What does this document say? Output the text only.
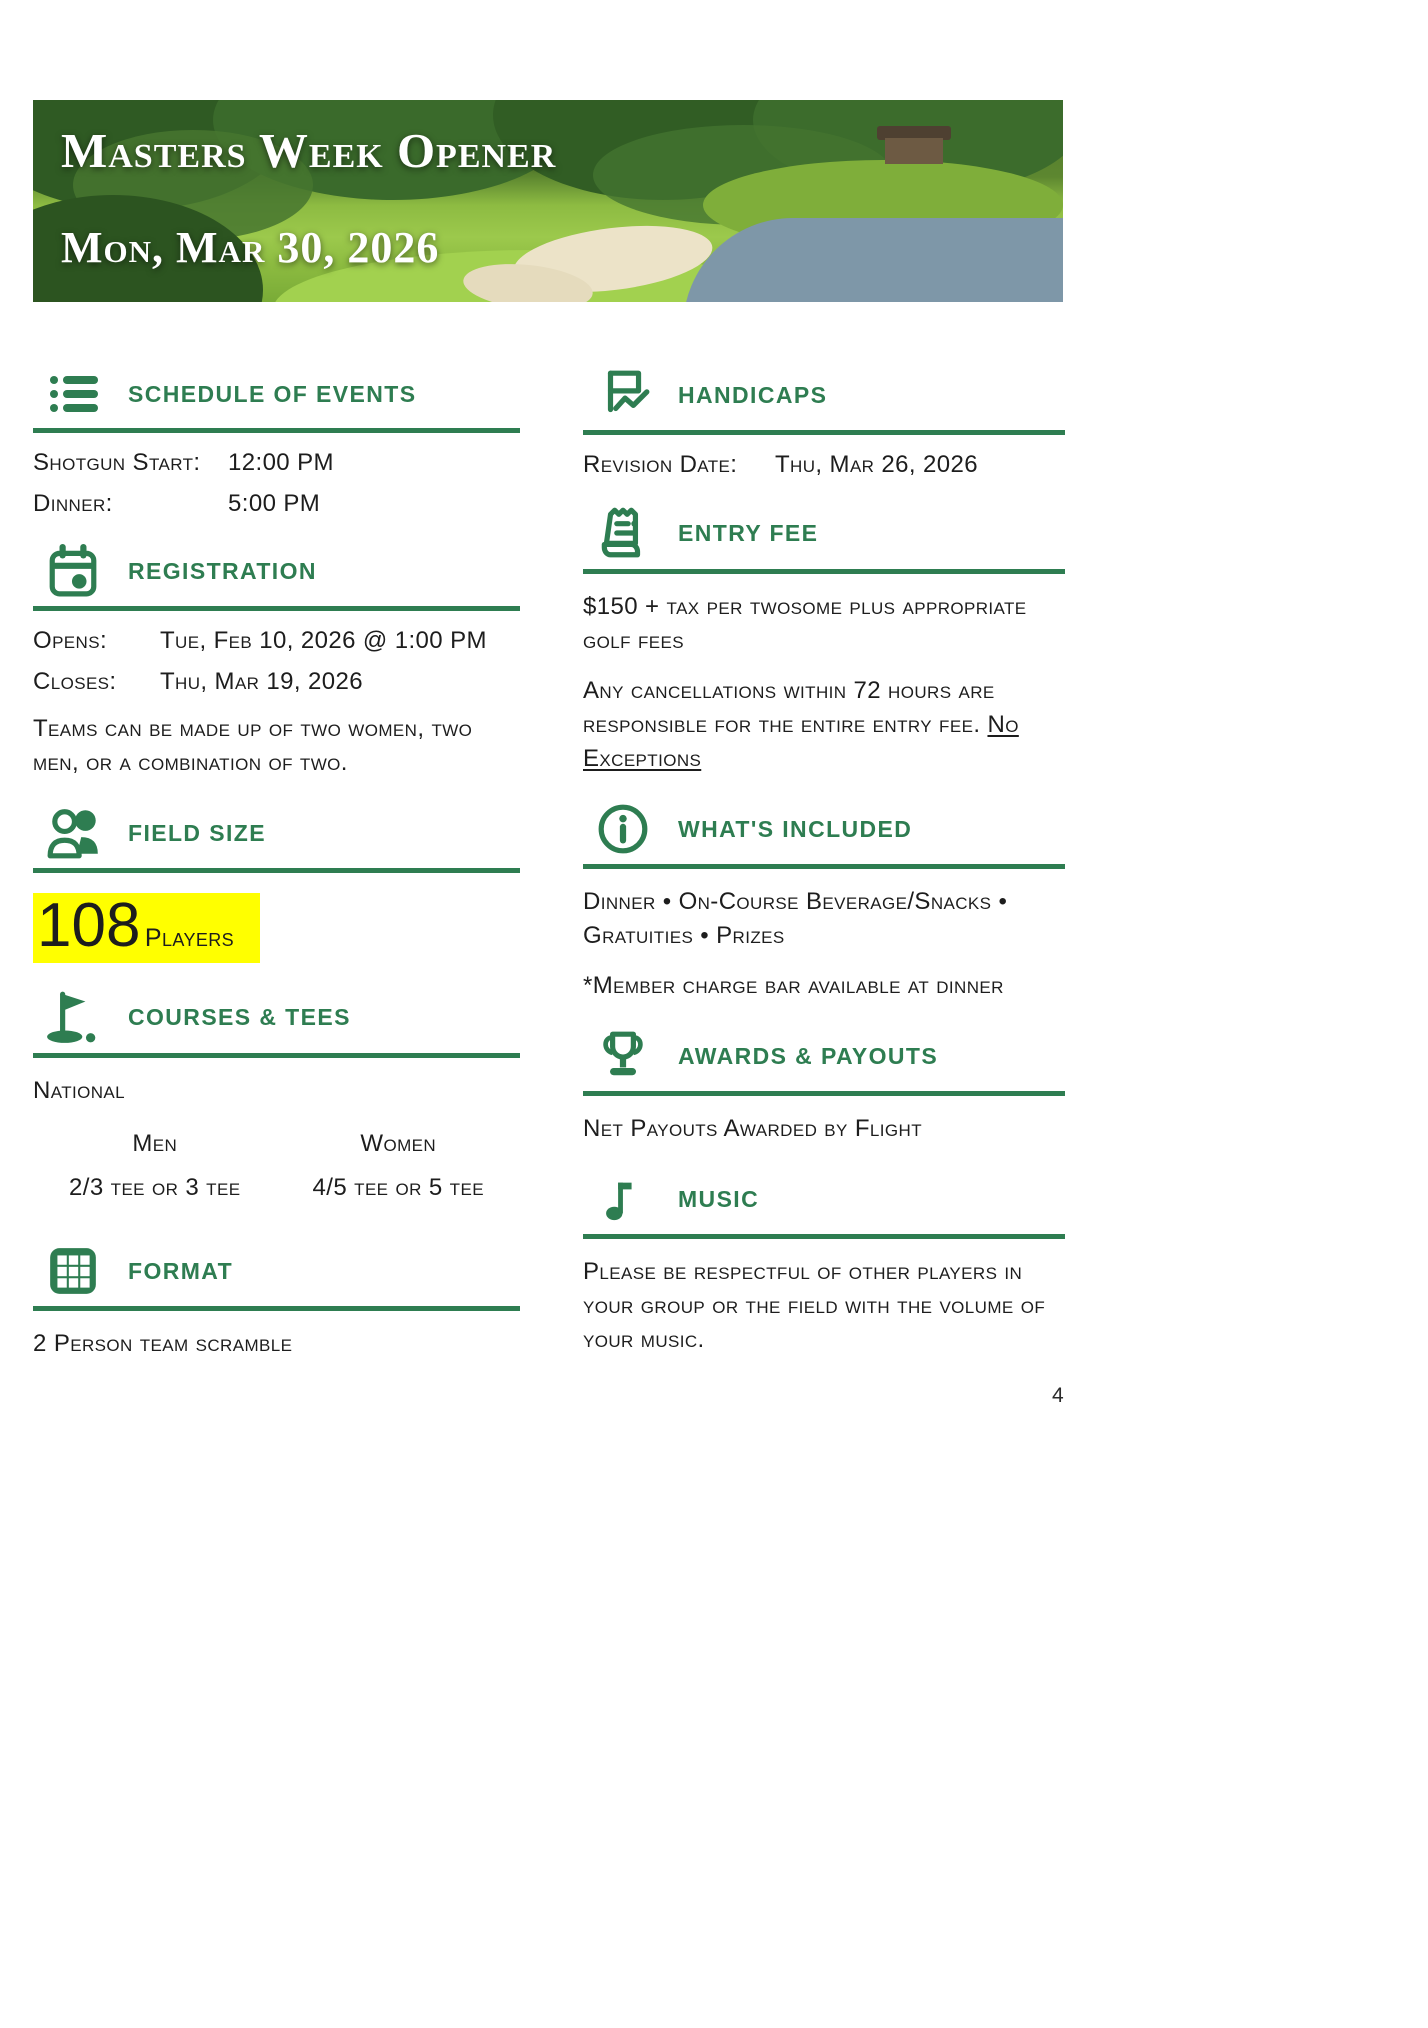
Masters Week Opener
Mon, Mar 30, 2026
SCHEDULE OF EVENTS
Shotgun Start:	12:00 PM
Dinner:	5:00 PM
REGISTRATION
Opens:	Tue, Feb 10, 2026 @ 1:00 PM
Closes:	Thu, Mar 19, 2026

Teams can be made up of two women, two men, or a combination of two.

FIELD SIZE
108 Players
COURSES & TEES

National

Men
2/3 tee or 3 tee
Women
4/5 tee or 5 tee
FORMAT

2 Person team scramble

HANDICAPS
Revision Date:	Thu, Mar 26, 2026
ENTRY FEE

$150 + tax per twosome plus appropriate golf fees

Any cancellations within 72 hours are responsible for the entire entry fee. No Exceptions

WHAT'S INCLUDED

Dinner • On-Course Beverage/Snacks • Gratuities • Prizes

*Member charge bar available at dinner

AWARDS & PAYOUTS

Net Payouts Awarded by Flight

MUSIC

Please be respectful of other players in your group or the field with the volume of your music.

4
